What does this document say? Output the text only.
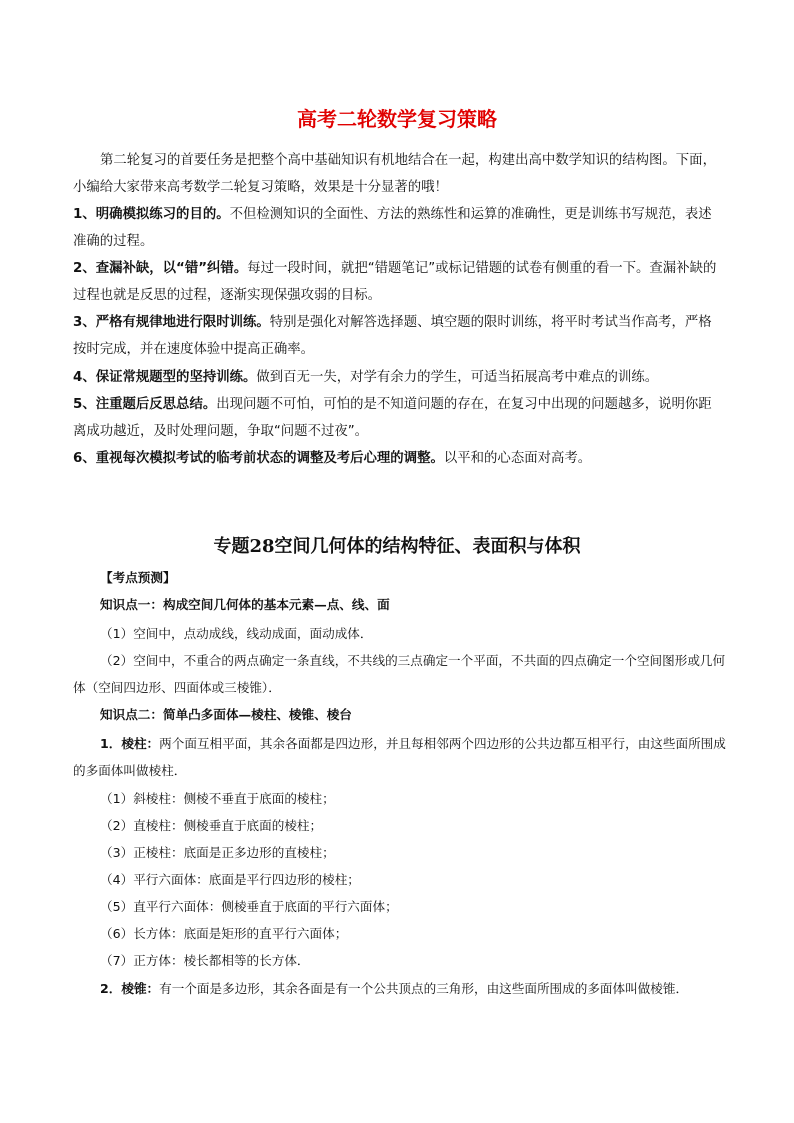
高考二轮数学复习策略

第二轮复习的首要任务是把整个高中基础知识有机地结合在一起，构建出高中数学知识的结构图。下面，小编给大家带来高考数学二轮复习策略，效果是十分显著的哦！

1、明确模拟练习的目的。不但检测知识的全面性、方法的熟练性和运算的准确性，更是训练书写规范，表述准确的过程。

2、查漏补缺，以“错”纠错。每过一段时间，就把“错题笔记”或标记错题的试卷有侧重的看一下。查漏补缺的过程也就是反思的过程，逐渐实现保强攻弱的目标。

3、严格有规律地进行限时训练。特别是强化对解答选择题、填空题的限时训练，将平时考试当作高考，严格按时完成，并在速度体验中提高正确率。

4、保证常规题型的坚持训练。做到百无一失，对学有余力的学生，可适当拓展高考中难点的训练。

5、注重题后反思总结。出现问题不可怕，可怕的是不知道问题的存在，在复习中出现的问题越多，说明你距离成功越近，及时处理问题，争取“问题不过夜”。

6、重视每次模拟考试的临考前状态的调整及考后心理的调整。以平和的心态面对高考。

专题28空间几何体的结构特征、表面积与体积

【考点预测】

知识点一：构成空间几何体的基本元素—点、线、面

（1）空间中，点动成线，线动成面，面动成体．

（2）空间中，不重合的两点确定一条直线，不共线的三点确定一个平面，不共面的四点确定一个空间图形或几何体（空间四边形、四面体或三棱锥）．

知识点二：简单凸多面体—棱柱、棱锥、棱台

1．棱柱：两个面互相平面，其余各面都是四边形，并且每相邻两个四边形的公共边都互相平行，由这些面所围成的多面体叫做棱柱．

（1）斜棱柱：侧棱不垂直于底面的棱柱；

（2）直棱柱：侧棱垂直于底面的棱柱；

（3）正棱柱：底面是正多边形的直棱柱；

（4）平行六面体：底面是平行四边形的棱柱；

（5）直平行六面体：侧棱垂直于底面的平行六面体；

（6）长方体：底面是矩形的直平行六面体；

（7）正方体：棱长都相等的长方体．

2．棱锥：有一个面是多边形，其余各面是有一个公共顶点的三角形，由这些面所围成的多面体叫做棱锥．
